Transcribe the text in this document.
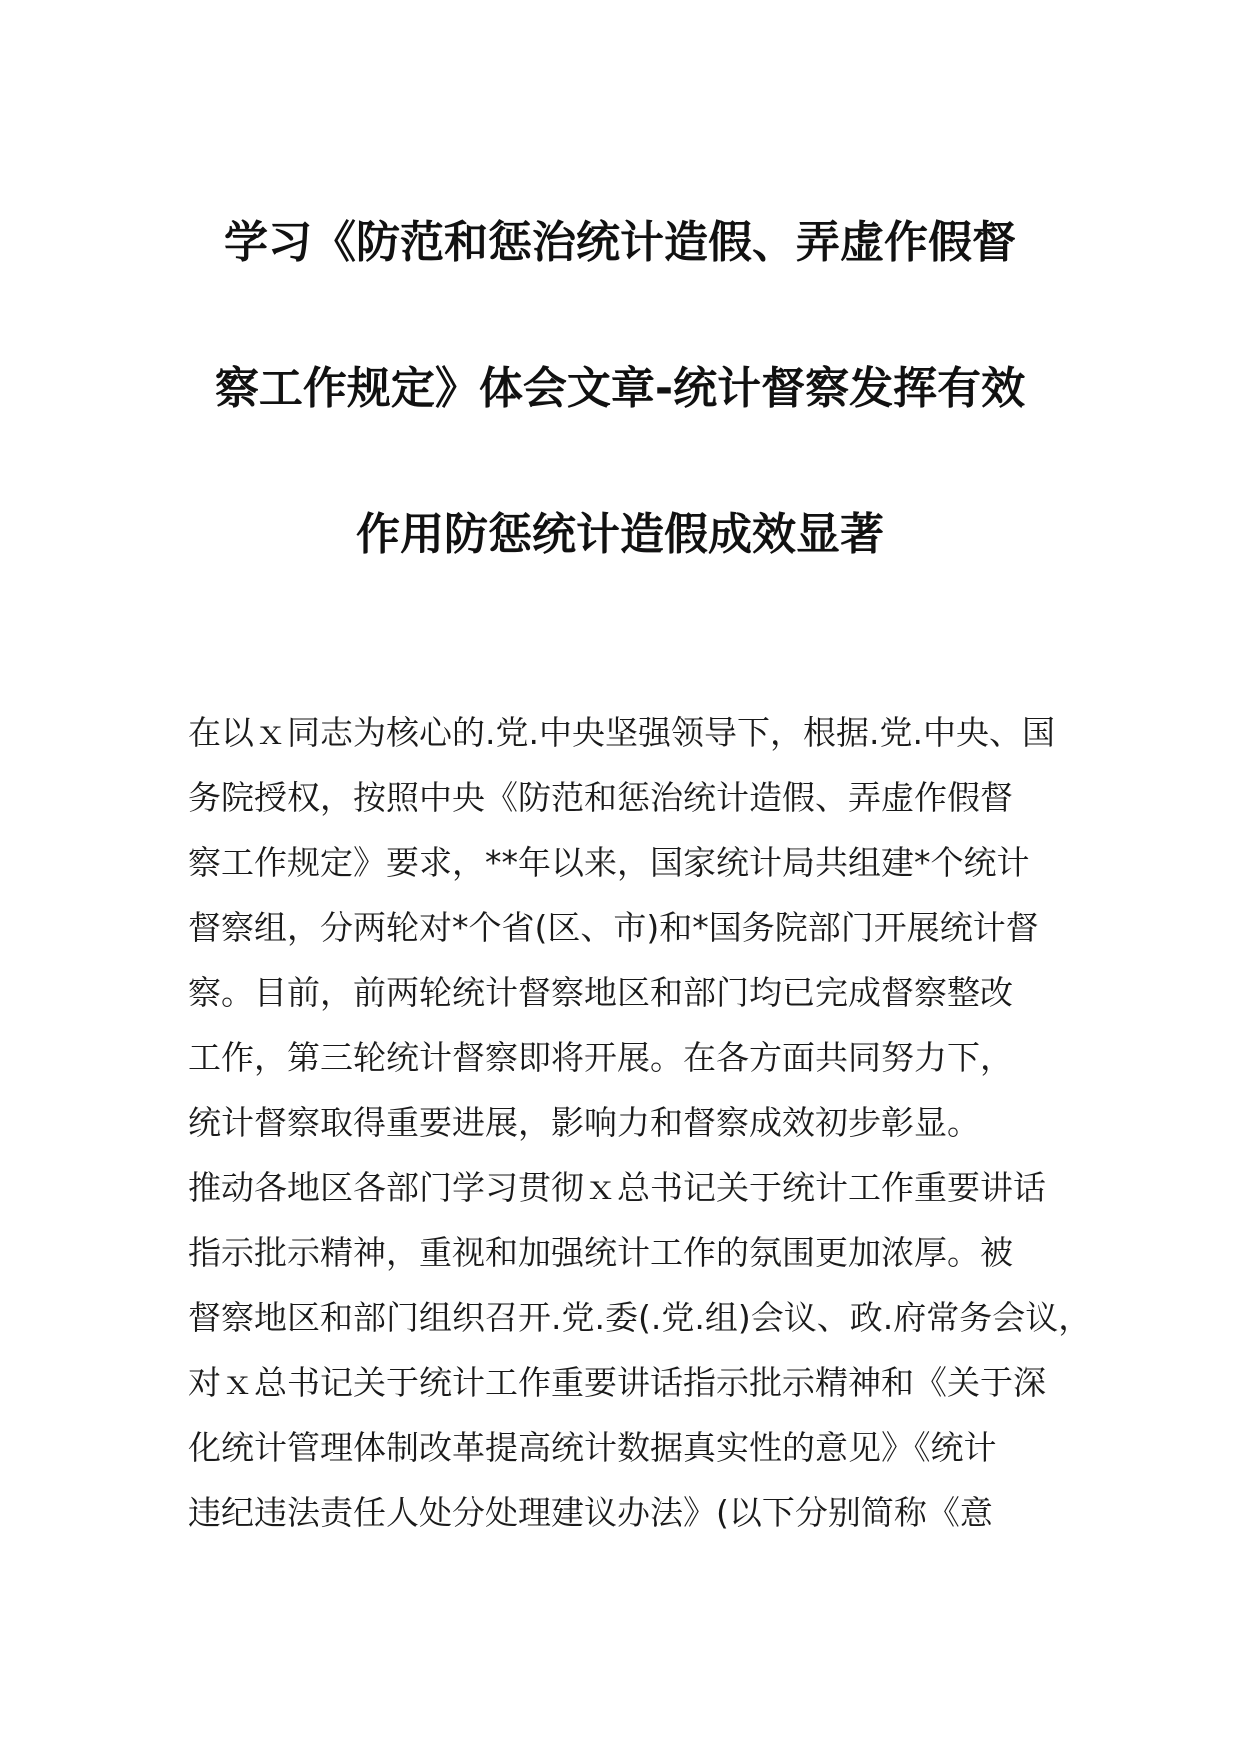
学习《防范和惩治统计造假、弄虚作假督
察工作规定》体会文章-统计督察发挥有效
作用防惩统计造假成效显著
在以ｘ同志为核心的.党.中央坚强领导下，根据.党.中央、国
务院授权，按照中央《防范和惩治统计造假、弄虚作假督
察工作规定》要求，**年以来，国家统计局共组建*个统计
督察组，分两轮对*个省(区、市)和*国务院部门开展统计督
察。目前，前两轮统计督察地区和部门均已完成督察整改
工作，第三轮统计督察即将开展。在各方面共同努力下，
统计督察取得重要进展，影响力和督察成效初步彰显。
推动各地区各部门学习贯彻ｘ总书记关于统计工作重要讲话
指示批示精神，重视和加强统计工作的氛围更加浓厚。被
督察地区和部门组织召开.党.委(.党.组)会议、政.府常务会议，
对ｘ总书记关于统计工作重要讲话指示批示精神和《关于深
化统计管理体制改革提高统计数据真实性的意见》《统计
违纪违法责任人处分处理建议办法》(以下分别简称《意
